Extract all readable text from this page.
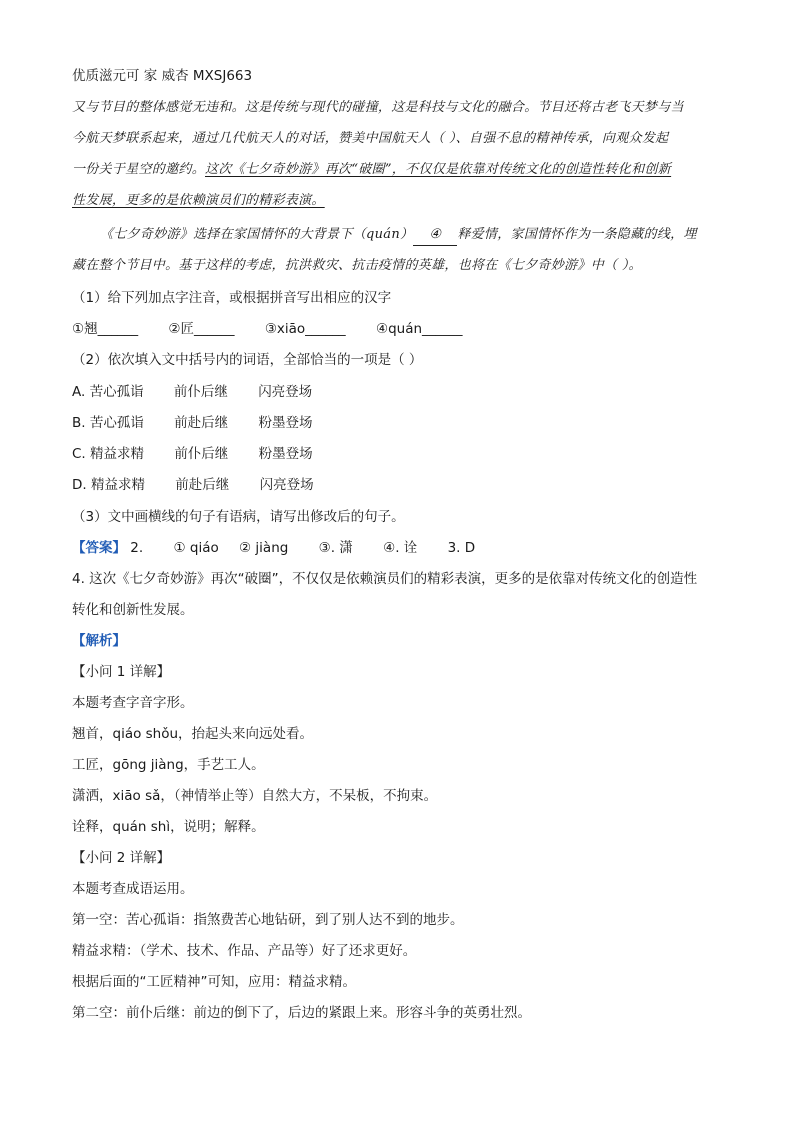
优质滋元可 家 威杏 MXSJ663
又与节目的整体感觉无违和。这是传统与现代的碰撞，这是科技与文化的融合。节目还将古老飞天梦与当
今航天梦联系起来，通过几代航天人的对话，赞美中国航天人（ ）、自强不息的精神传承，向观众发起
一份关于星空的邀约。这次《七夕奇妙游》再次“破圈”，不仅仅是依靠对传统文化的创造性转化和创新
性发展，更多的是依赖演员们的精彩表演。
《七夕奇妙游》选择在家国情怀的大背景下（quán） ④ 释爱情，家国情怀作为一条隐藏的线，埋
藏在整个节目中。基于这样的考虑，抗洪救灾、抗击疫情的英雄，也将在《七夕奇妙游》中（ ）。
（1）给下列加点字注音，或根据拼音写出相应的汉字
①翘______ ②匠______ ③xiāo______ ④quán______
（2）依次填入文中括号内的词语，全部恰当的一项是（ ）
A. 苦心孤诣 前仆后继 闪亮登场
B. 苦心孤诣 前赴后继 粉墨登场
C. 精益求精 前仆后继 粉墨登场
D. 精益求精 前赴后继 闪亮登场
（3）文中画横线的句子有语病，请写出修改后的句子。
【答案】 2. ① qiáo ② jiàng ③. 潇 ④. 诠 3. D
4. 这次《七夕奇妙游》再次“破圈”，不仅仅是依赖演员们的精彩表演，更多的是依靠对传统文化的创造性
转化和创新性发展。
【解析】
【小问 1 详解】
本题考查字音字形。
翘首，qiáo shǒu，抬起头来向远处看。
工匠，gōng jiàng，手艺工人。
潇洒，xiāo sǎ，（神情举止等）自然大方，不呆板，不拘束。
诠释，quán shì，说明；解释。
【小问 2 详解】
本题考查成语运用。
第一空：苦心孤诣：指煞费苦心地钻研，到了别人达不到的地步。
精益求精：（学术、技术、作品、产品等）好了还求更好。
根据后面的“工匠精神”可知，应用：精益求精。
第二空：前仆后继：前边的倒下了，后边的紧跟上来。形容斗争的英勇壮烈。
